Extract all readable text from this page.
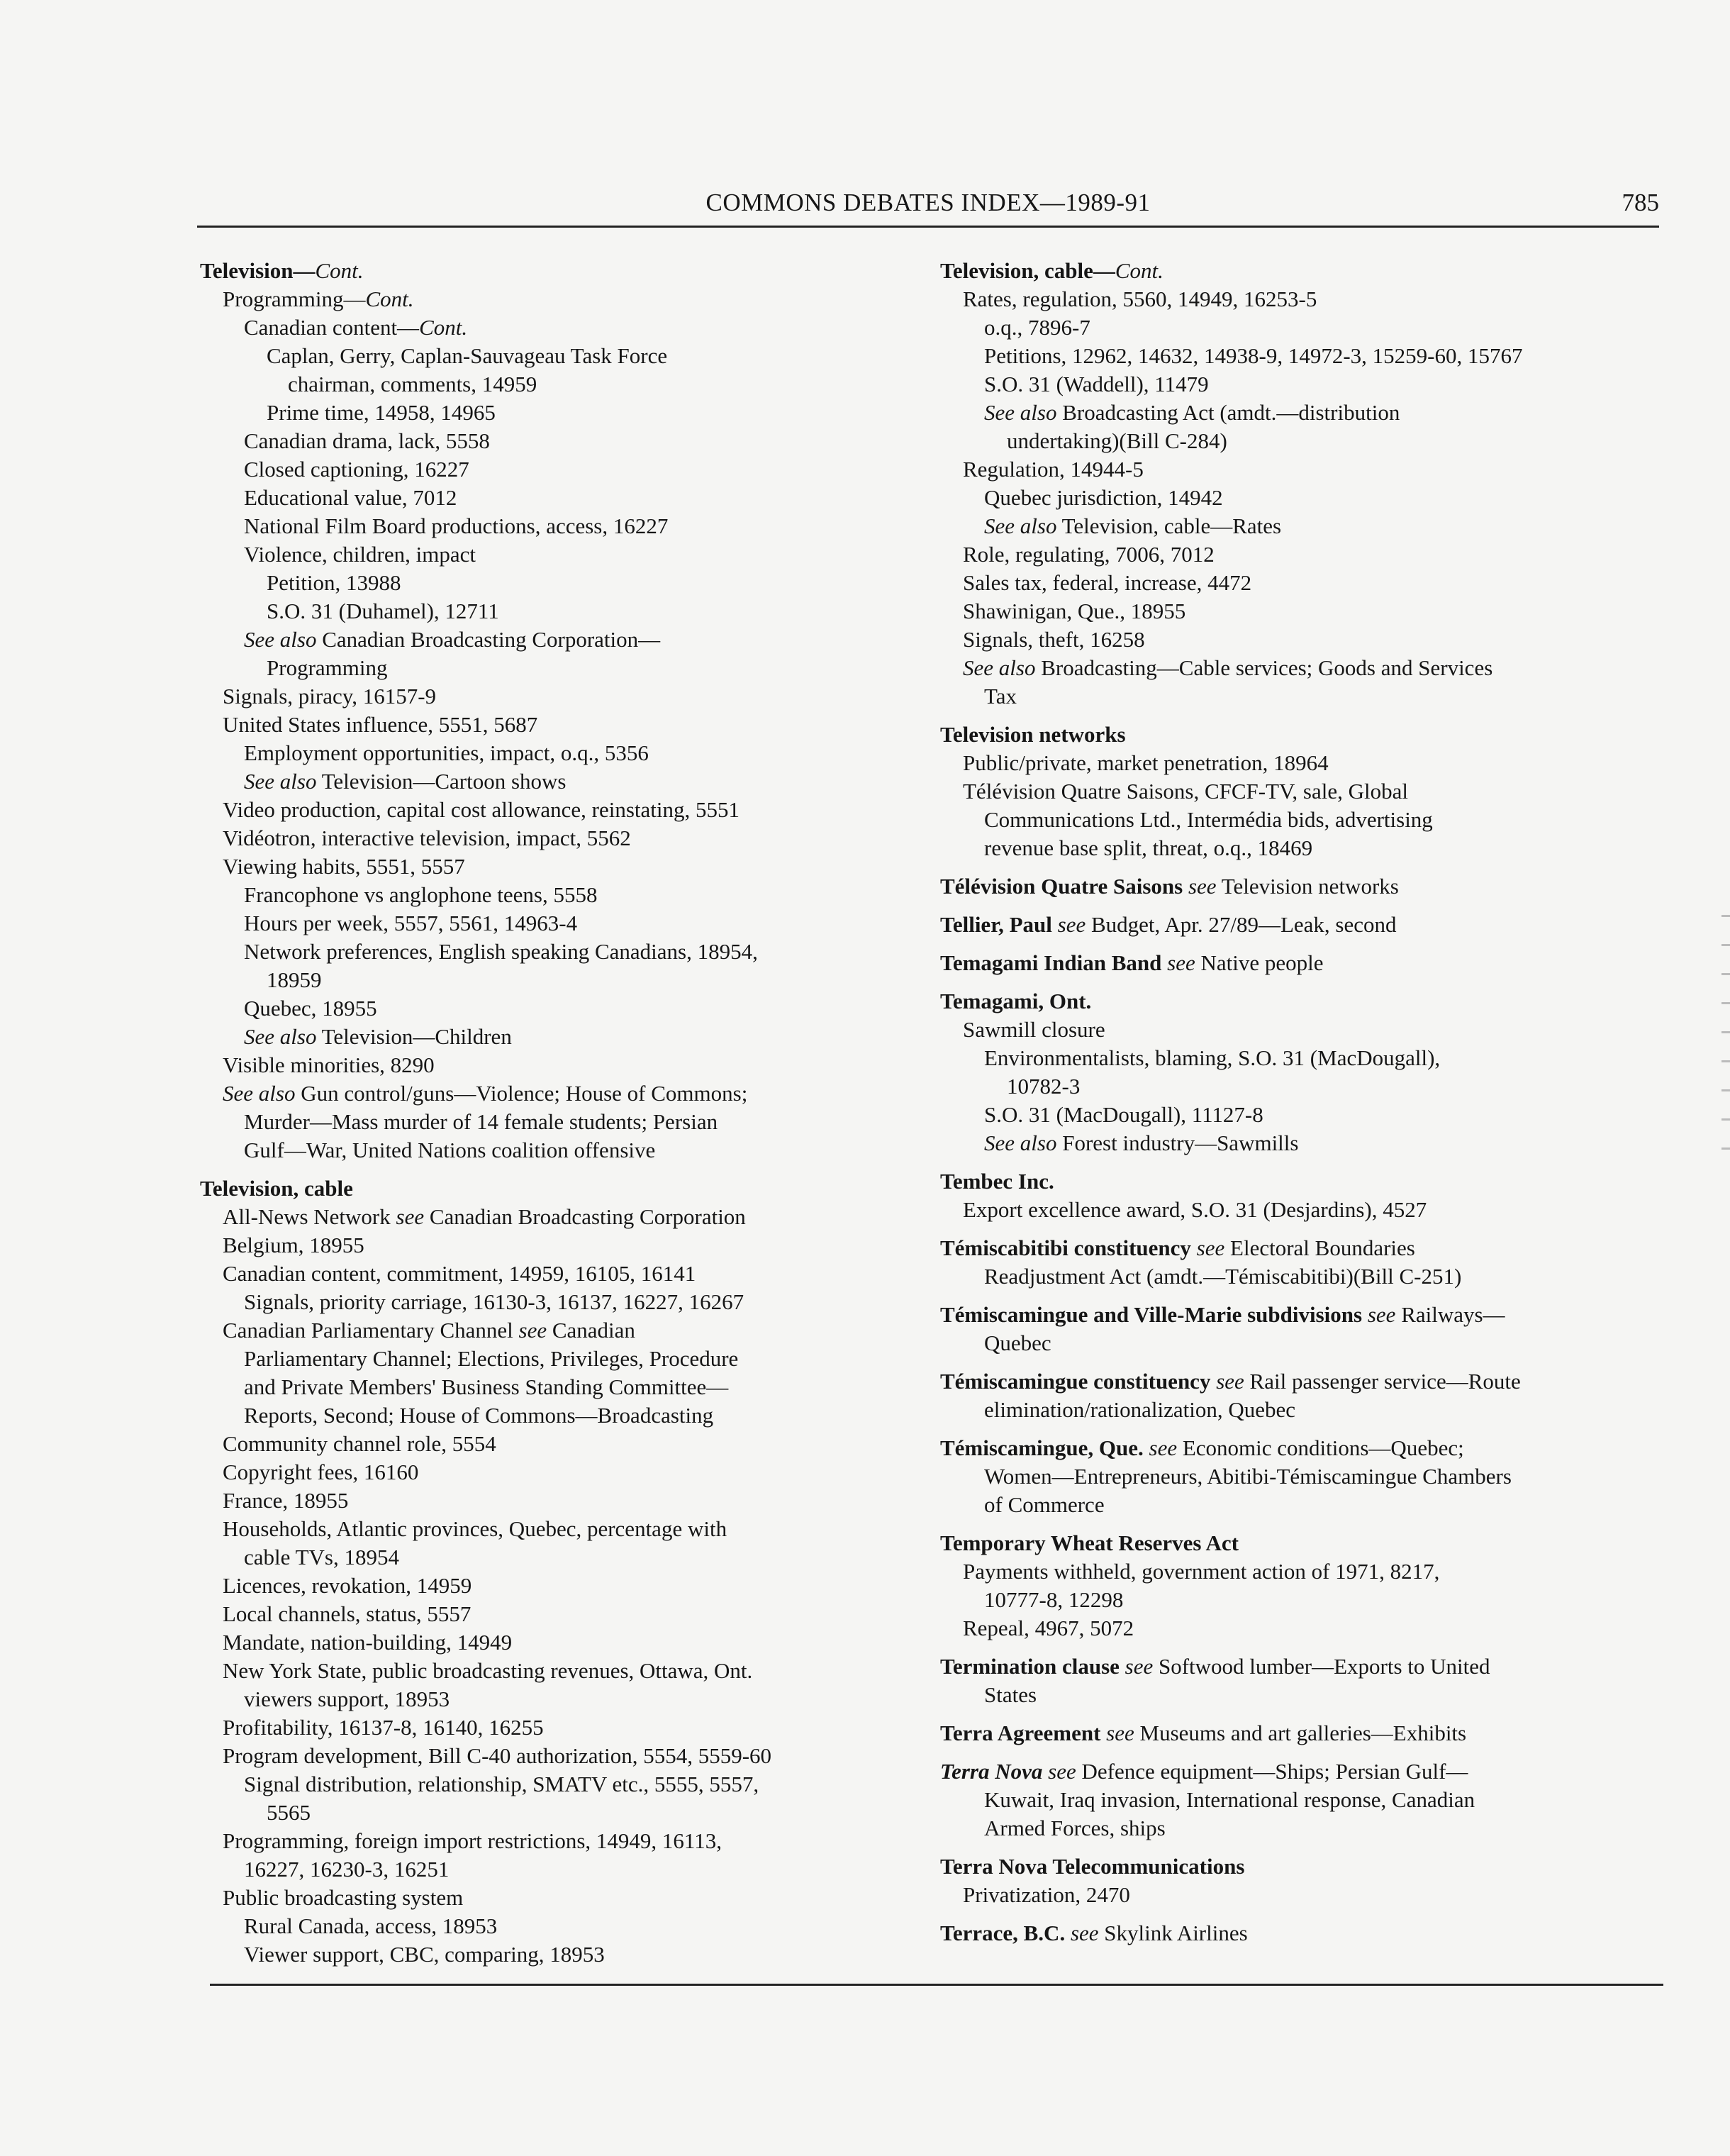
COMMONS DEBATES INDEX—1989-91	785
Television—Cont.
Programming—Cont.
Canadian content—Cont.
Caplan, Gerry, Caplan-Sauvageau Task Force
chairman, comments, 14959
Prime time, 14958, 14965
Canadian drama, lack, 5558
Closed captioning, 16227
Educational value, 7012
National Film Board productions, access, 16227
Violence, children, impact
Petition, 13988
S.O. 31 (Duhamel), 12711
See also Canadian Broadcasting Corporation—
Programming
Signals, piracy, 16157-9
United States influence, 5551, 5687
Employment opportunities, impact, o.q., 5356
See also Television—Cartoon shows
Video production, capital cost allowance, reinstating, 5551
Vidéotron, interactive television, impact, 5562
Viewing habits, 5551, 5557
Francophone vs anglophone teens, 5558
Hours per week, 5557, 5561, 14963-4
Network preferences, English speaking Canadians, 18954,
18959
Quebec, 18955
See also Television—Children
Visible minorities, 8290
See also Gun control/guns—Violence; House of Commons;
Murder—Mass murder of 14 female students; Persian
Gulf—War, United Nations coalition offensive
Television, cable
All-News Network see Canadian Broadcasting Corporation
Belgium, 18955
Canadian content, commitment, 14959, 16105, 16141
Signals, priority carriage, 16130-3, 16137, 16227, 16267
Canadian Parliamentary Channel see Canadian
Parliamentary Channel; Elections, Privileges, Procedure
and Private Members' Business Standing Committee—
Reports, Second; House of Commons—Broadcasting
Community channel role, 5554
Copyright fees, 16160
France, 18955
Households, Atlantic provinces, Quebec, percentage with
cable TVs, 18954
Licences, revokation, 14959
Local channels, status, 5557
Mandate, nation-building, 14949
New York State, public broadcasting revenues, Ottawa, Ont.
viewers support, 18953
Profitability, 16137-8, 16140, 16255
Program development, Bill C-40 authorization, 5554, 5559-60
Signal distribution, relationship, SMATV etc., 5555, 5557,
5565
Programming, foreign import restrictions, 14949, 16113,
16227, 16230-3, 16251
Public broadcasting system
Rural Canada, access, 18953
Viewer support, CBC, comparing, 18953
Television, cable—Cont.
Rates, regulation, 5560, 14949, 16253-5
o.q., 7896-7
Petitions, 12962, 14632, 14938-9, 14972-3, 15259-60, 15767
S.O. 31 (Waddell), 11479
See also Broadcasting Act (amdt.—distribution
undertaking)(Bill C-284)
Regulation, 14944-5
Quebec jurisdiction, 14942
See also Television, cable—Rates
Role, regulating, 7006, 7012
Sales tax, federal, increase, 4472
Shawinigan, Que., 18955
Signals, theft, 16258
See also Broadcasting—Cable services; Goods and Services
Tax
Television networks
Public/private, market penetration, 18964
Télévision Quatre Saisons, CFCF-TV, sale, Global
Communications Ltd., Intermédia bids, advertising
revenue base split, threat, o.q., 18469
Télévision Quatre Saisons see Television networks
Tellier, Paul see Budget, Apr. 27/89—Leak, second
Temagami Indian Band see Native people
Temagami, Ont.
Sawmill closure
Environmentalists, blaming, S.O. 31 (MacDougall),
10782-3
S.O. 31 (MacDougall), 11127-8
See also Forest industry—Sawmills
Tembec Inc.
Export excellence award, S.O. 31 (Desjardins), 4527
Témiscabitibi constituency see Electoral Boundaries
Readjustment Act (amdt.—Témiscabitibi)(Bill C-251)
Témiscamingue and Ville-Marie subdivisions see Railways—
Quebec
Témiscamingue constituency see Rail passenger service—Route
elimination/rationalization, Quebec
Témiscamingue, Que. see Economic conditions—Quebec;
Women—Entrepreneurs, Abitibi-Témiscamingue Chambers
of Commerce
Temporary Wheat Reserves Act
Payments withheld, government action of 1971, 8217,
10777-8, 12298
Repeal, 4967, 5072
Termination clause see Softwood lumber—Exports to United
States
Terra Agreement see Museums and art galleries—Exhibits
Terra Nova see Defence equipment—Ships; Persian Gulf—
Kuwait, Iraq invasion, International response, Canadian
Armed Forces, ships
Terra Nova Telecommunications
Privatization, 2470
Terrace, B.C. see Skylink Airlines
